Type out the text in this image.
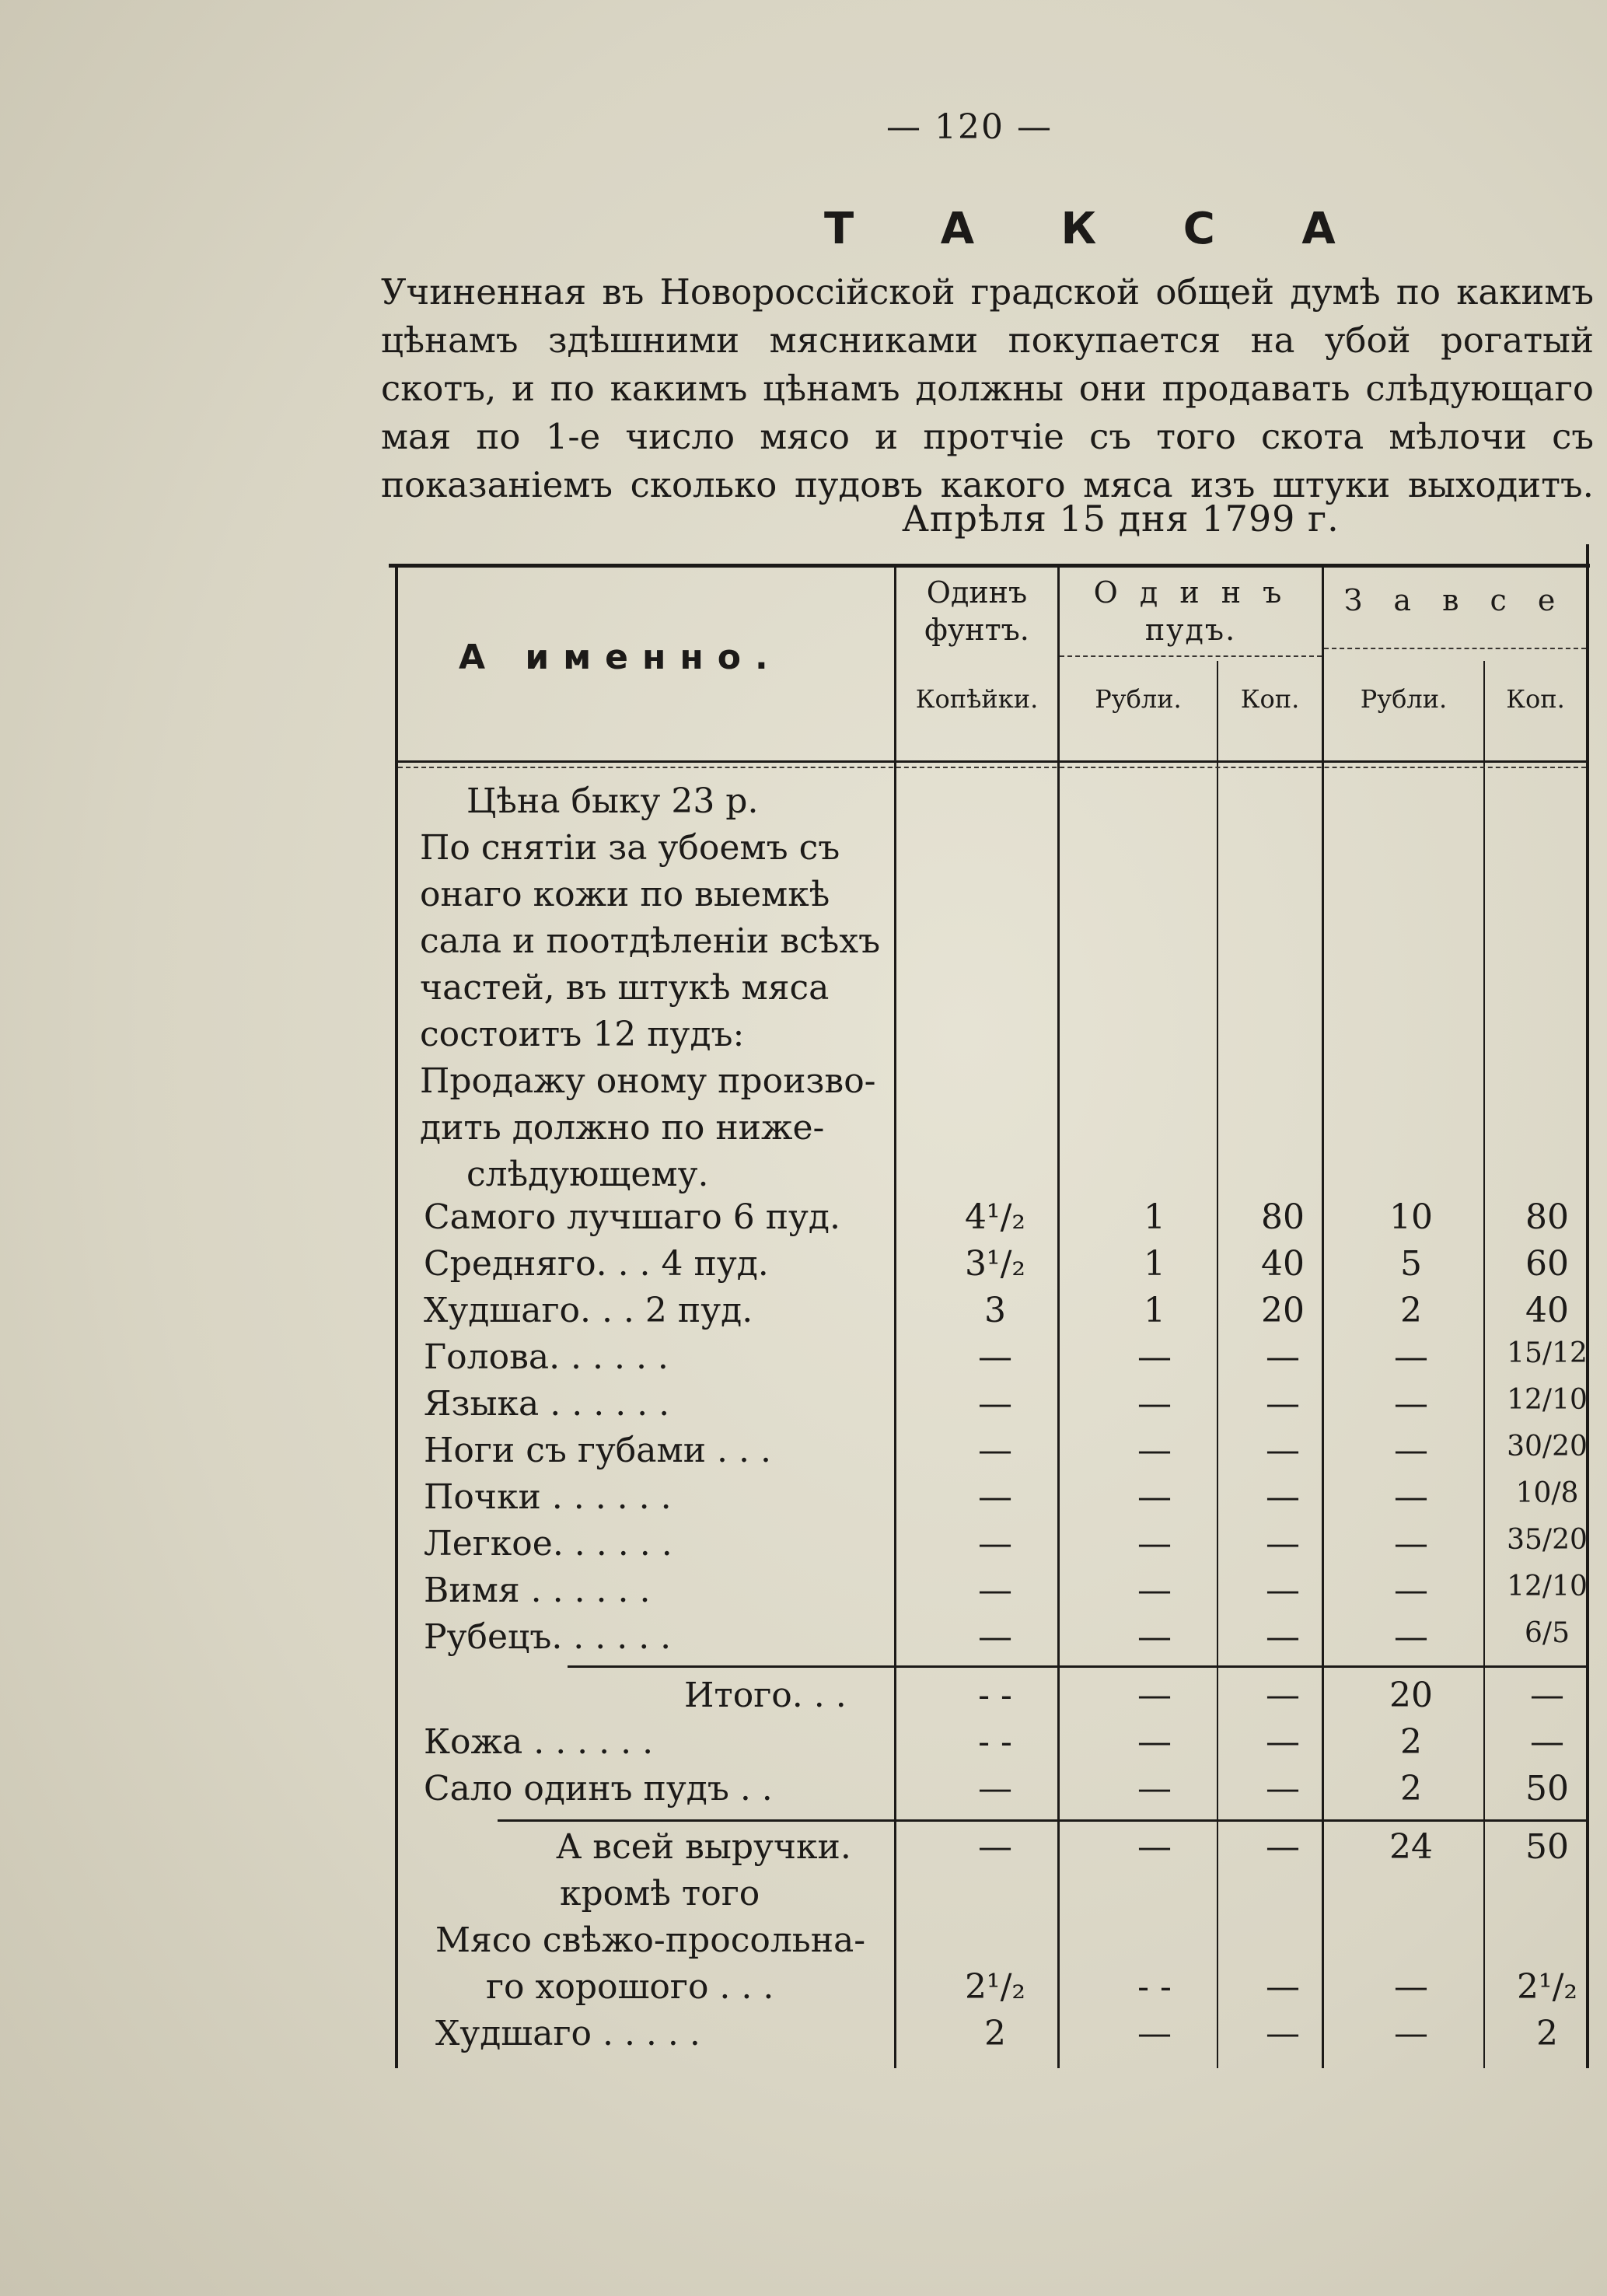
— 120 —
Т А К С А
Учиненная въ Новороссійской градской общей думѣ по какимъ
цѣнамъ здѣшними мясниками покупается на убой рогатый
скотъ, и по какимъ цѣнамъ должны они продавать слѣдующаго
мая по 1-е число мясо и протчіе съ того скота мѣлочи съ
показаніемъ сколько пудовъ какого мяса изъ штуки выходитъ.
Апрѣля 15 дня 1799 г.
А именно.
Одинъ
фунтъ.
О д и н ъ
пудъ.
З а в с е
Копѣйки.	Рубли.	Коп.	Рубли.	Коп.
Цѣна быку 23 р.
По снятіи за убоемъ съ
онаго кожи по выемкѣ
сала и поотдѣленіи всѣхъ
частей, въ штукѣ мяса
состоитъ 12 пудъ:
Продажу оному произво-
дить должно по ниже-
слѣдующему.
Самого лучшаго 6 пуд.	4¹/₂	1	80	10	80
Средняго. . . 4 пуд.	3¹/₂	1	40	5	60
Худшаго. . . 2 пуд.	3	1	20	2	40
Голова. . . . . .	—	—	—	—	15/12
Языка . . . . . .	—	—	—	—	12/10
Ноги съ губами . . .	—	—	—	—	30/20
Почки . . . . . .	—	—	—	—	10/8
Легкое. . . . . .	—	—	—	—	35/20
Вимя . . . . . .	—	—	—	—	12/10
Рубецъ. . . . . .	—	—	—	—	6/5
Итого. . .	- -	—	—	20	—
Кожа . . . . . .	- -	—	—	2	—
Сало одинъ пудъ . .	—	—	—	2	50
А всей выручки.	—	—	—	24	50
кромѣ того
Мясо свѣжо-просольна-
го хорошого . . .	2¹/₂	- -	—	—	2¹/₂
Худшаго . . . . .	2	—	—	—	2
